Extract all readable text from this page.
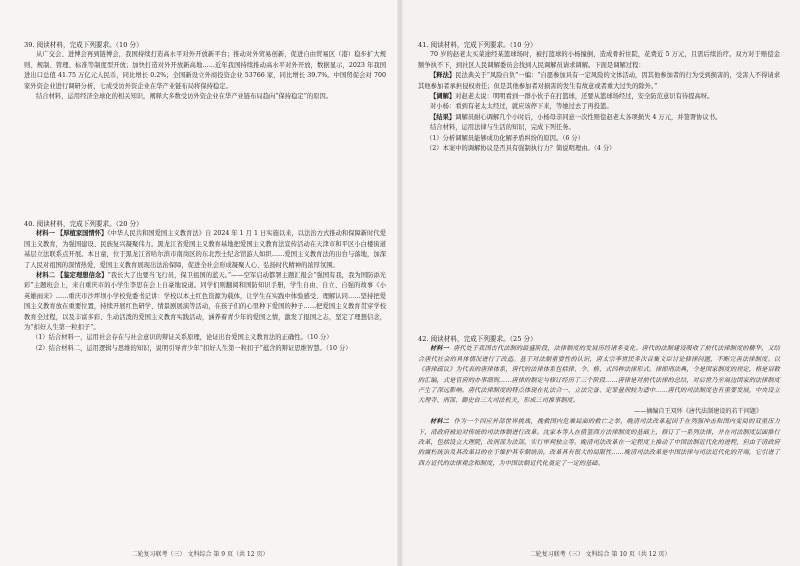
39. 阅读材料，完成下列要求。（10 分）

从广交会、进博会再到链博会，我国持续打造高水平对外开放新平台；推动对外贸易创新，促进自由贸易区（港）稳步扩大规则、规制、管理、标准等制度型开放；加快打造对外开放新高地……近年我国持续推动高水平对外开放，数据显示，2023 年我国进出口总值 41.75 万亿元人民币，同比增长 0.2%；全国新设立外商投资企业 53766 家，同比增长 39.7%。中国贸促会对 700 家外资企业进行调研分析，七成受访外资企业在华产业链布局将保持稳定。

结合材料，运用经济全球化的相关知识，阐释大多数受访外资企业在华产业链布局趋向“保持稳定”的原因。

40. 阅读材料，完成下列要求。（20 分）

材料一 【厚植家国情怀】《中华人民共和国爱国主义教育法》自 2024 年 1 月 1 日实施以来，以法治方式推动和保障新时代爱国主义教育，为强国建设、民族复兴凝聚伟力。黑龙江省爱国主义教育基地把爱国主义教育法宣传活动在天津市和平区小白楼街道基层立法联系点开展。本日童，位于黑龙江省哈尔滨市南岗区的东北烈士纪念馆游人如织……爱国主义教育法的出台与落地，加深了人民对祖国的深情热爱，爱国主义教育展现出法治保障，促进全社会形成凝聚人心、弘扬时代精神的浓厚氛围。

材料二 【鉴定理想信念】“我长大了也要当飞行员，保卫祖国的蓝天。”——空军启动都署主题汇报会“强国有我，我为国防添光彩”主题班会上，来自重庆市的小学生李思在会上自豪地说道。同学们则翻阅和国防知识手册，学生自由、自立、自强的故事《小英雄雨来》……重庆市沙坪坝小学校党委书记讲：学校以本土红色资源为载体，让学生在实践中体验感受、理解认同……坚持把爱国主义教育放在重要位置，持续开展红色研学、情景剧展演等活动，在孩子们的心里种下爱国的种子……把爱国主义教育贯穿学校教育全过程，以及丰富多彩、生动活泼的爱国主义教育实践活动，涵养着青少年的爱国之情，激发了报国之志，坚定了理想信念，为“扣好人生第一粒扣子”。

（1）结合材料一，运用社会存在与社会意识的辩证关系原理，论证出台爱国主义教育法的正确性。（10 分）

（2）结合材料二，运用逻辑与思维的知识，说明引导青少年“扣好人生第一粒扣子”蕴含的辩证思维智慧。（10 分）

二轮复习联考（三） 文科综合 第 9 页（共 12 页）

41. 阅读材料，完成下列要求。（10 分）

70 岁的赵老太买菜途经某篮球场时，被打篮球的小杨撞倒，造成骨折住院，花费近 5 万元，且需后续治疗。双方对于赔偿金额争执不下，到社区人民调解委员会找到人民调解员请求调解。下面是调解过程：

【释法】民法典关于“风险自负”一编：“自愿参加具有一定风险的文体活动，因其他参加者的行为受到损害的，受害人不得请求其他参加者承担侵权责任；但是其他参加者对损害的发生有故意或者重大过失的除外。”

【调解】对赵老太说：明明看到一群小伙子在打篮球，还要从篮球场经过，安全防范意识有待提高呀。

对小杨：看到有老太太经过，就应该停下来，等她过去了再投篮。

【结果】调解员耐心调解几个小时后，小杨母亲同意一次性赔偿赵老太各项损失 4 万元，并签署协议书。

结合材料，运用法律与生活的知识，完成下列任务。

（1）分析调解员能够成功化解矛盾纠纷的原因。（6 分）

（2）本案中的调解协议是否具有强制执行力？简说明理由。（4 分）

42. 阅读材料，完成下列要求。（25 分）

材料一 唐代处于我国古代法制的最盛阶段，法律制度的发展历经诸多变化。唐代的法制建设吸收了前代法律制度的精华，又结合唐代社会的具体情况进行了改造。基于对法制重要性的认识，唐太宗李世民多次召集文臣讨论修律问题，不断完善法律制度。以《唐律疏议》为代表的唐律体系，唐代的法律体系包括律、令、格、式四种法律形式。律即刑法典，令是国家制度的规定，格是诏敕的汇编，式是官府的办事细则……唐律的制定与修订经历了三个阶段……唐律是对前代法律的总结，对后世乃至周边国家的法律制度产生了深远影响。唐代法律制度的特点体现在礼法合一、立法完备、定罪量刑较为适中……唐代的司法制度也有重要发展，中央设立大理寺、刑部、御史台三大司法机关，形成三司推事制度。

——摘编自王双怀《唐代法制建设的若干问题》

材料二 作为一个四应外部世界挑战，挽救国内危难局面的救亡之举，晚清司法改革起因于在列强冲击和国内变局的双重压力下，清政府被迫对传统的司法体制进行改革。沈家本等人在借鉴西方法律制度的基础上，修订了一系列法律，并在司法制度层面推行改革，包括设立大理院，改刑部为法部，实行审判独立等。晚清司法改革在一定程度上推动了中国法制近代化的进程，但由于清政府的腐朽统治及其改革目的在于维护其专制统治，改革具有很大的局限性……晚清司法改革是中国法律与司法近代化的开端，它引进了西方近代的法律观念和制度，为中国法制近代化奠定了一定的基础。

二轮复习联考（三） 文科综合 第 10 页（共 12 页）
